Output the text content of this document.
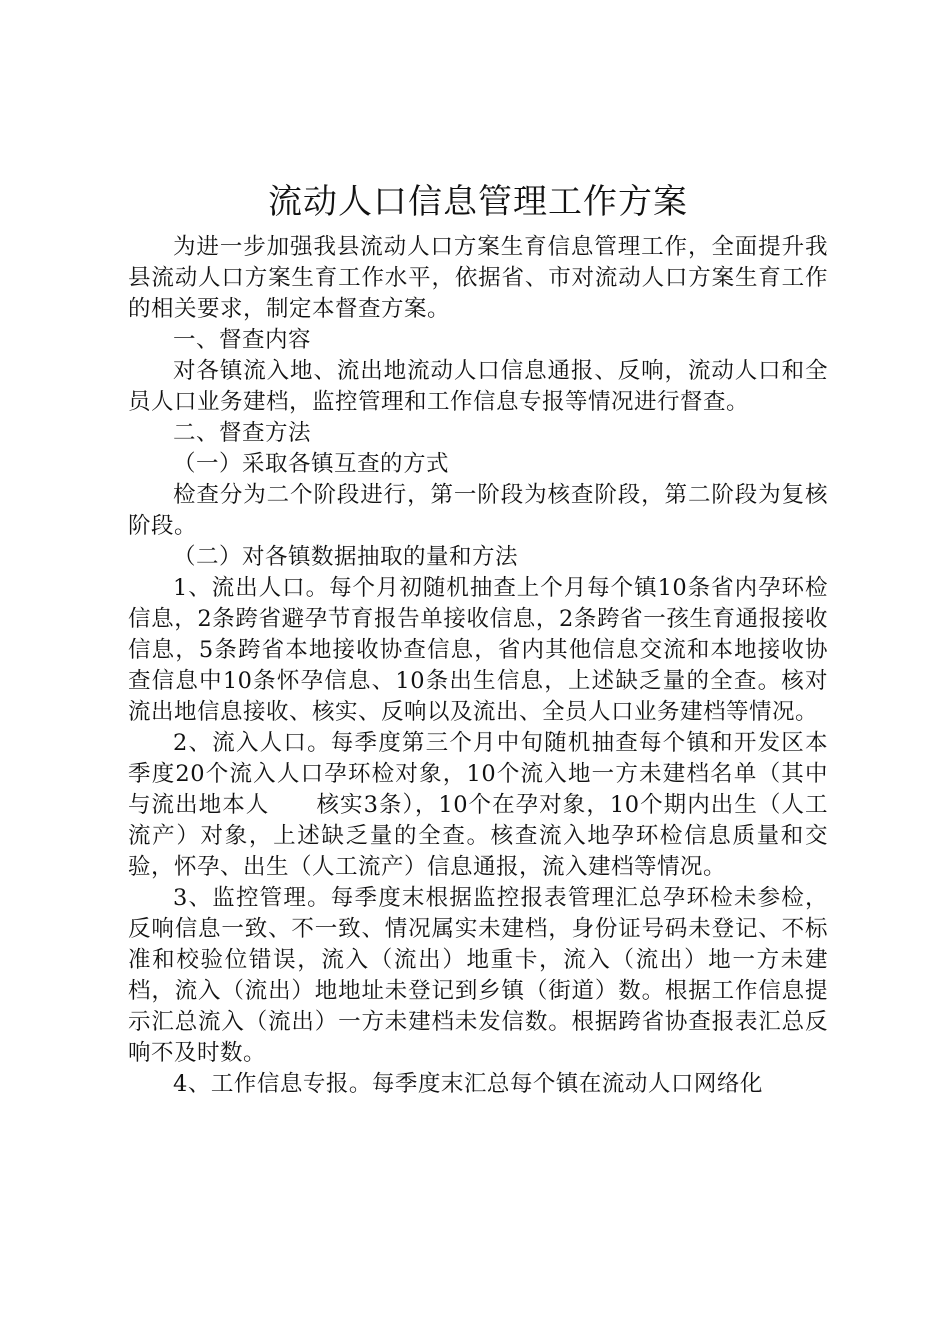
流动人口信息管理工作方案

为进一步加强我县流动人口方案生育信息管理工作，全面提升我县流动人口方案生育工作水平，依据省、市对流动人口方案生育工作的相关要求，制定本督查方案。

一、督查内容

对各镇流入地、流出地流动人口信息通报、反响，流动人口和全员人口业务建档，监控管理和工作信息专报等情况进行督查。

二、督查方法

（一）采取各镇互查的方式

检查分为二个阶段进行，第一阶段为核查阶段，第二阶段为复核阶段。

（二）对各镇数据抽取的量和方法

1、流出人口。每个月初随机抽查上个月每个镇10条省内孕环检信息，2条跨省避孕节育报告单接收信息，2条跨省一孩生育通报接收信息，5条跨省本地接收协查信息，省内其他信息交流和本地接收协查信息中10条怀孕信息、10条出生信息，上述缺乏量的全查。核对流出地信息接收、核实、反响以及流出、全员人口业务建档等情况。

2、流入人口。每季度第三个月中旬随机抽查每个镇和开发区本季度20个流入人口孕环检对象，10个流入地一方未建档名单（其中与流出地本人　　核实3条），10个在孕对象，10个期内出生（人工流产）对象，上述缺乏量的全查。核查流入地孕环检信息质量和交验，怀孕、出生（人工流产）信息通报，流入建档等情况。

3、监控管理。每季度末根据监控报表管理汇总孕环检未参检，反响信息一致、不一致、情况属实未建档，身份证号码未登记、不标准和校验位错误，流入（流出）地重卡，流入（流出）地一方未建档，流入（流出）地地址未登记到乡镇（街道）数。根据工作信息提示汇总流入（流出）一方未建档未发信数。根据跨省协查报表汇总反响不及时数。

4、工作信息专报。每季度末汇总每个镇在流动人口网络化
